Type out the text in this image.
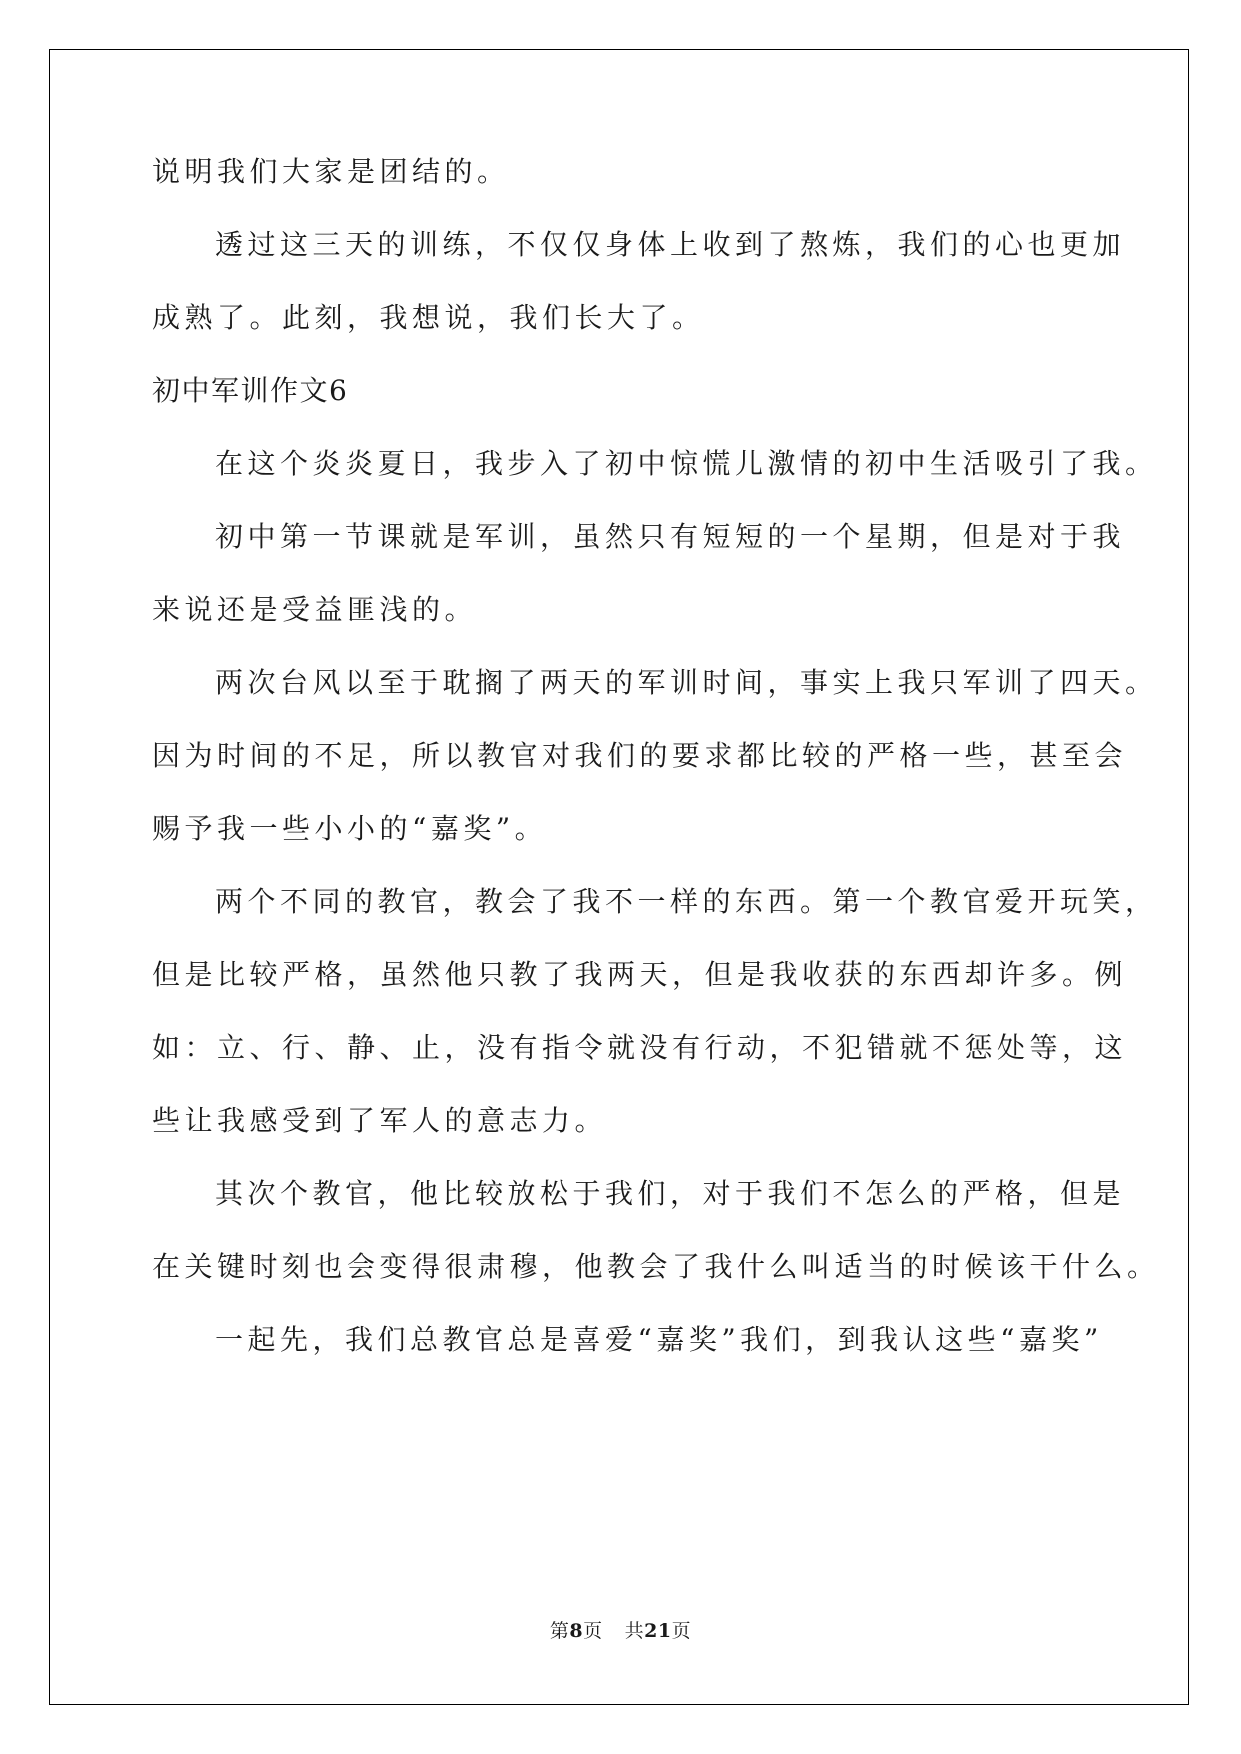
说明我们大家是团结的。
透过这三天的训练，不仅仅身体上收到了熬炼，我们的心也更加
成熟了。此刻，我想说，我们长大了。
初中军训作文6
在这个炎炎夏日，我步入了初中惊慌儿激情的初中生活吸引了我。
初中第一节课就是军训，虽然只有短短的一个星期，但是对于我
来说还是受益匪浅的。
两次台风以至于耽搁了两天的军训时间，事实上我只军训了四天。
因为时间的不足，所以教官对我们的要求都比较的严格一些，甚至会
赐予我一些小小的“嘉奖”。
两个不同的教官，教会了我不一样的东西。第一个教官爱开玩笑，
但是比较严格，虽然他只教了我两天，但是我收获的东西却许多。例
如：立、行、静、止，没有指令就没有行动，不犯错就不惩处等，这
些让我感受到了军人的意志力。
其次个教官，他比较放松于我们，对于我们不怎么的严格，但是
在关键时刻也会变得很肃穆，他教会了我什么叫适当的时候该干什么。
一起先，我们总教官总是喜爱“嘉奖”我们，到我认这些“嘉奖”
第8页 共21页
